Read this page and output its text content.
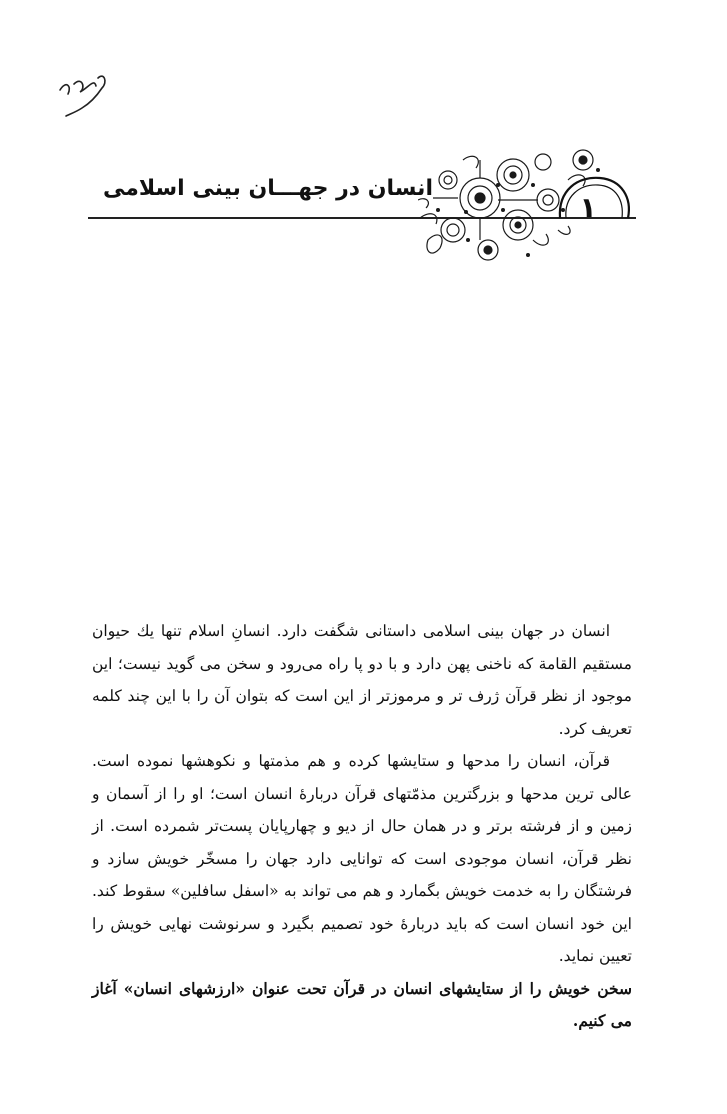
۱
انسان در جهـــان بینی اسلامی

انسان در جهان بینی اسلامی داستانی شگفت دارد. انسانِ اسلام تنها یك حیوان مستقیم القامة که ناخنی پهن دارد و با دو پا راه می‌رود و سخن می گوید نیست؛ این موجود از نظر قرآن ژرف تر و مرموزتر از این است که بتوان آن را با این چند کلمه تعریف کرد.

قرآن، انسان را مدحها و ستایشها کرده و هم مذمتها و نکوهشها نموده است. عالی ترین مدحها و بزرگترین مذمّتهای قرآن دربارهٔ انسان است؛ او را از آسمان و زمین و از فرشته برتر و در همان حال از دیو و چهارپایان پست‌تر شمرده است. از نظر قرآن، انسان موجودی است که توانایی دارد جهان را مسخّر خویش سازد و فرشتگان را به خدمت خویش بگمارد و هم می تواند به «اسفل سافلین» سقوط کند. این خود انسان است که باید دربارهٔ خود تصمیم بگیرد و سرنوشت نهایی خویش را تعیین نماید.

سخن خویش را از ستایشهای انسان در قرآن تحت عنوان «ارزشهای انسان» آغاز می کنیم.
